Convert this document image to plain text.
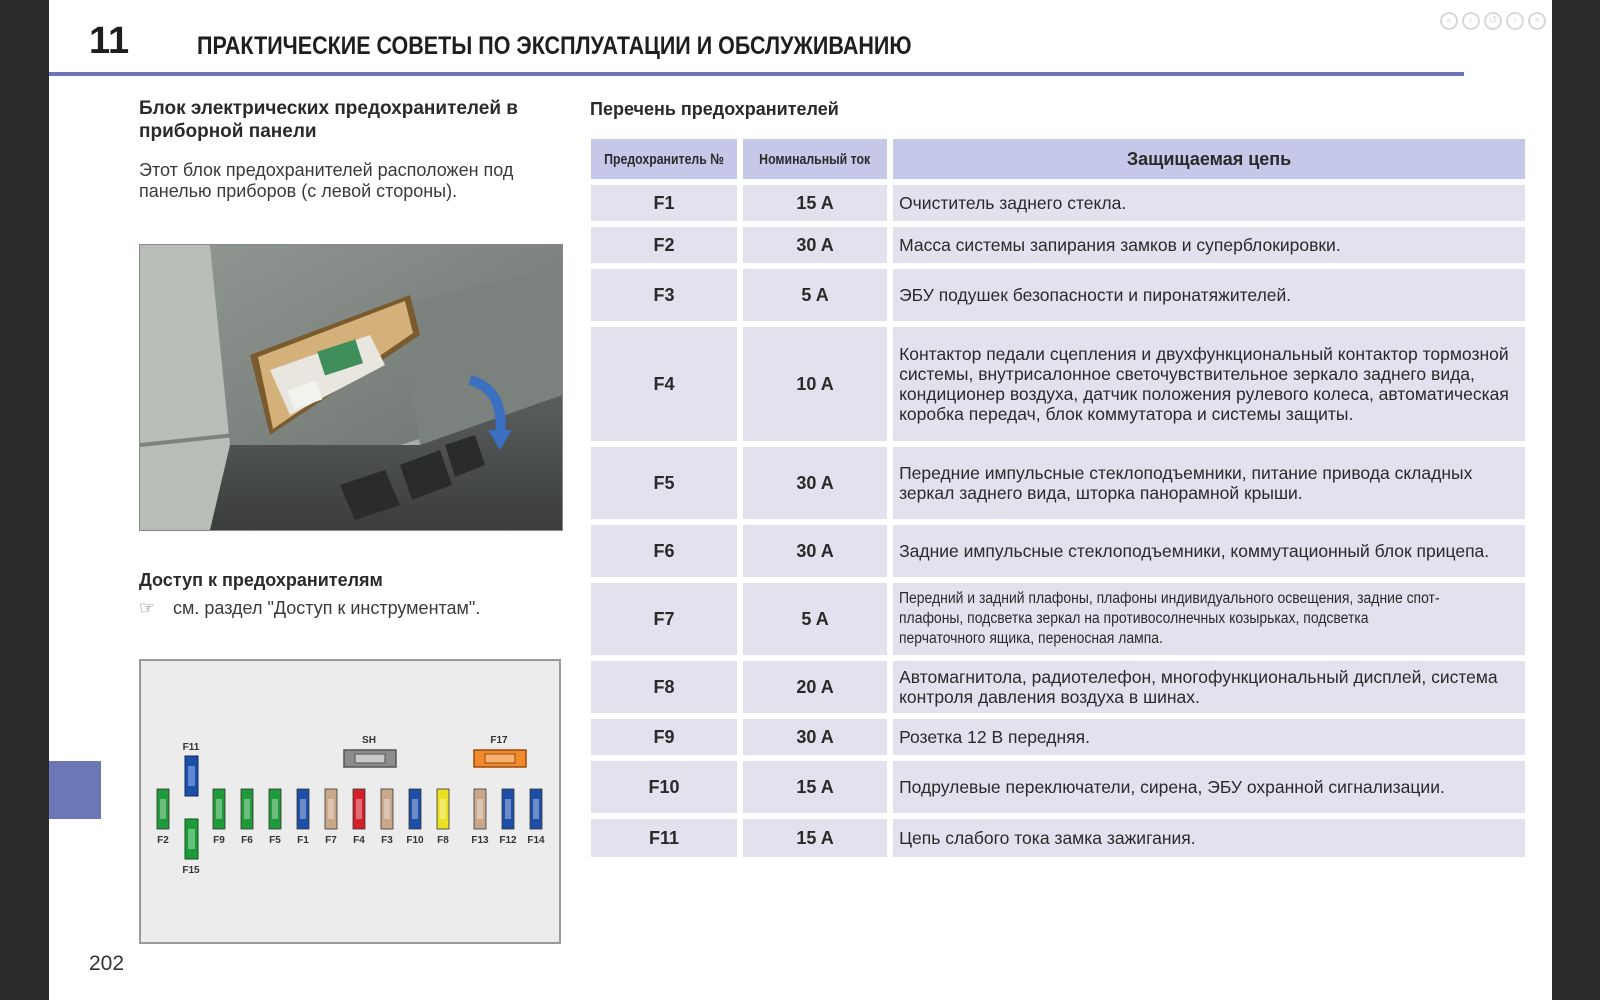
11	ПРАКТИЧЕСКИЕ СОВЕТЫ ПО ЭКСПЛУАТАЦИИ И ОБСЛУЖИВАНИЮ
«	‹	↺	›	×
Блок электрических предохранителей в приборной панели
Этот блок предохранителей расположен под панелью приборов (с левой стороны).
Доступ к предохранителям
☞ см. раздел "Доступ к инструментам".
F11
SH	F17
F15
F2	F9 F6 F5 F1 F7 F4 F3 F10 F8 F13 F12 F14
202
Перечень предохранителей
Предохранитель №	Номинальный ток	Защищаемая цепь
F1	15 A	Очиститель заднего стекла.
F2	30 A	Масса системы запирания замков и суперблокировки.
F3	5 A	ЭБУ подушек безопасности и пиронатяжителей.
F4	10 A	Контактор педали сцепления и двухфункциональный контактор тормозной системы, внутрисалонное светочувствительное зеркало заднего вида, кондиционер воздуха, датчик положения рулевого колеса, автоматическая коробка передач, блок коммутатора и системы защиты.
F5	30 A	Передние импульсные стеклоподъемники, питание привода складных зеркал заднего вида, шторка панорамной крыши.
F6	30 A	Задние импульсные стеклоподъемники, коммутационный блок прицепа.
F7	5 A	Передний и задний плафоны, плафоны индивидуального освещения, задние спот-плафоны, подсветка зеркал на противосолнечных козырьках, подсветка перчаточного ящика, переносная лампа.
F8	20 A	Автомагнитола, радиотелефон, многофункциональный дисплей, система контроля давления воздуха в шинах.
F9	30 A	Розетка 12 В передняя.
F10	15 A	Подрулевые переключатели, сирена, ЭБУ охранной сигнализации.
F11	15 A	Цепь слабого тока замка зажигания.
